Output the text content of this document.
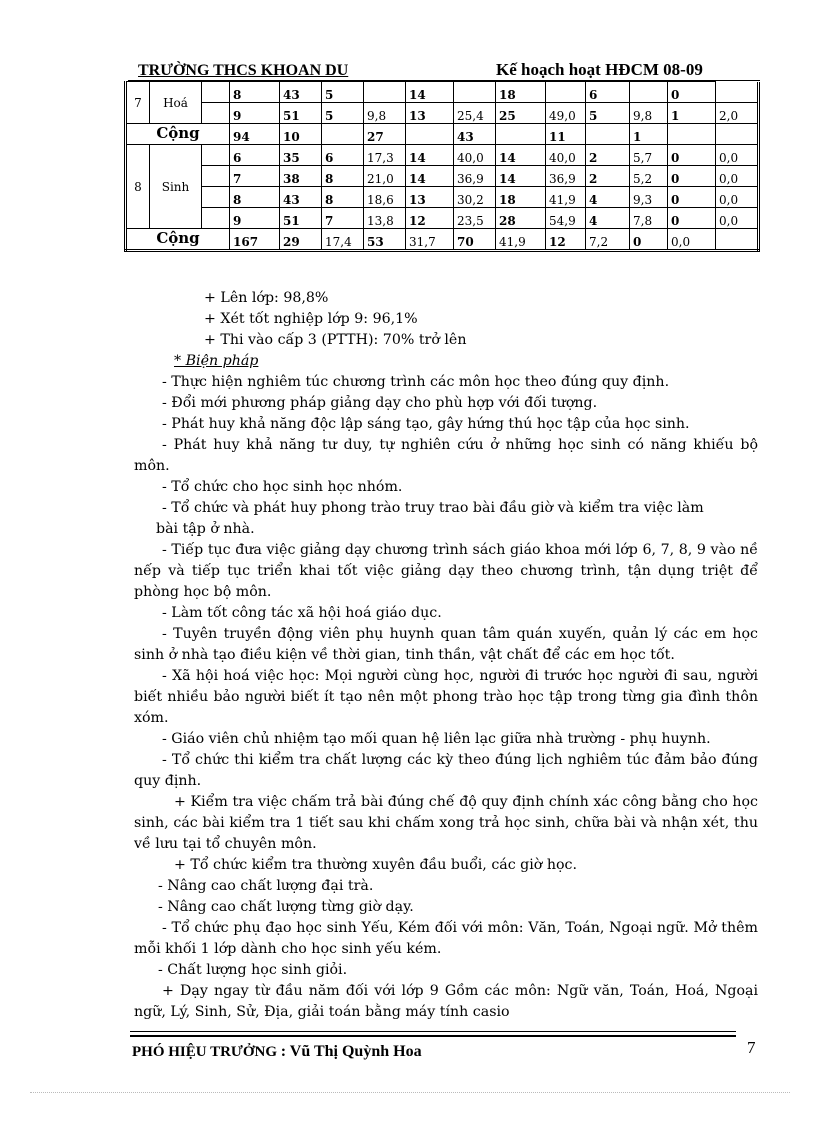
TRƯỜNG THCS KHOAN DU	Kế hoạch hoạt HĐCM 08-09
7	Hoá		8	43	5		14		18		6		0	
			9	51	5	9,8	13	25,4	25	49,0	5	9,8	1	2,0
Cộng			94	10		27		43		11		1		
8	Sinh		6	35	6	17,3	14	40,0	14	40,0	2	5,7	0	0,0
			7	38	8	21,0	14	36,9	14	36,9	2	5,2	0	0,0
			8	43	8	18,6	13	30,2	18	41,9	4	9,3	0	0,0
			9	51	7	13,8	12	23,5	28	54,9	4	7,8	0	0,0
Cộng			167	29	17,4	53	31,7	70	41,9	12	7,2	0	0,0	

+ Lên lớp: 98,8%

+ Xét tốt nghiệp lớp 9: 96,1%

+ Thi vào cấp 3 (PTTH): 70% trở lên

* Biện pháp

- Thực hiện nghiêm túc chương trình các môn học theo đúng quy định.

- Đổi mới phương pháp giảng dạy cho phù hợp với đối tượng.

- Phát huy khả năng độc lập sáng tạo, gây hứng thú học tập của học sinh.

- Phát huy khả năng tư duy, tự nghiên cứu ở những học sinh có năng khiếu bộ môn.

- Tổ chức cho học sinh học nhóm.

- Tổ chức và phát huy phong trào truy trao bài đầu giờ và kiểm tra việc làm

bài tập ở nhà.

- Tiếp tục đưa việc giảng dạy chương trình sách giáo khoa mới lớp 6, 7, 8, 9 vào nề nếp và tiếp tục triển khai tốt việc giảng dạy theo chương trình, tận dụng triệt để phòng học bộ môn.

- Làm tốt công tác xã hội hoá giáo dục.

- Tuyên truyền động viên phụ huynh quan tâm quán xuyến, quản lý các em học sinh ở nhà tạo điều kiện về thời gian, tinh thần, vật chất để các em học tốt.

- Xã hội hoá việc học: Mọi người cùng học, người đi trước học người đi sau, người biết nhiều bảo người biết ít tạo nên một phong trào học tập trong từng gia đình thôn xóm.

- Giáo viên chủ nhiệm tạo mối quan hệ liên lạc giữa nhà trường - phụ huynh.

- Tổ chức thi kiểm tra chất lượng các kỳ theo đúng lịch nghiêm túc đảm bảo đúng quy định.

+ Kiểm tra việc chấm trả bài đúng chế độ quy định chính xác công bằng cho học sinh, các bài kiểm tra 1 tiết sau khi chấm xong trả học sinh, chữa bài và nhận xét, thu về lưu tại tổ chuyên môn.

+ Tổ chức kiểm tra thường xuyên đầu buổi, các giờ học.

- Nâng cao chất lượng đại trà.

- Nâng cao chất lượng từng giờ dạy.

- Tổ chức phụ đạo học sinh Yếu, Kém đối với môn: Văn, Toán, Ngoại ngữ. Mở thêm mỗi khối 1 lớp dành cho học sinh yếu kém.

- Chất lượng học sinh giỏi.

+ Dạy ngay từ đầu năm đối với lớp 9 Gồm các môn: Ngữ văn, Toán, Hoá, Ngoại ngữ, Lý, Sinh, Sử, Địa, giải toán bằng máy tính casio

PHÓ HIỆU TRƯỞNG : Vũ Thị Quỳnh Hoa	7
